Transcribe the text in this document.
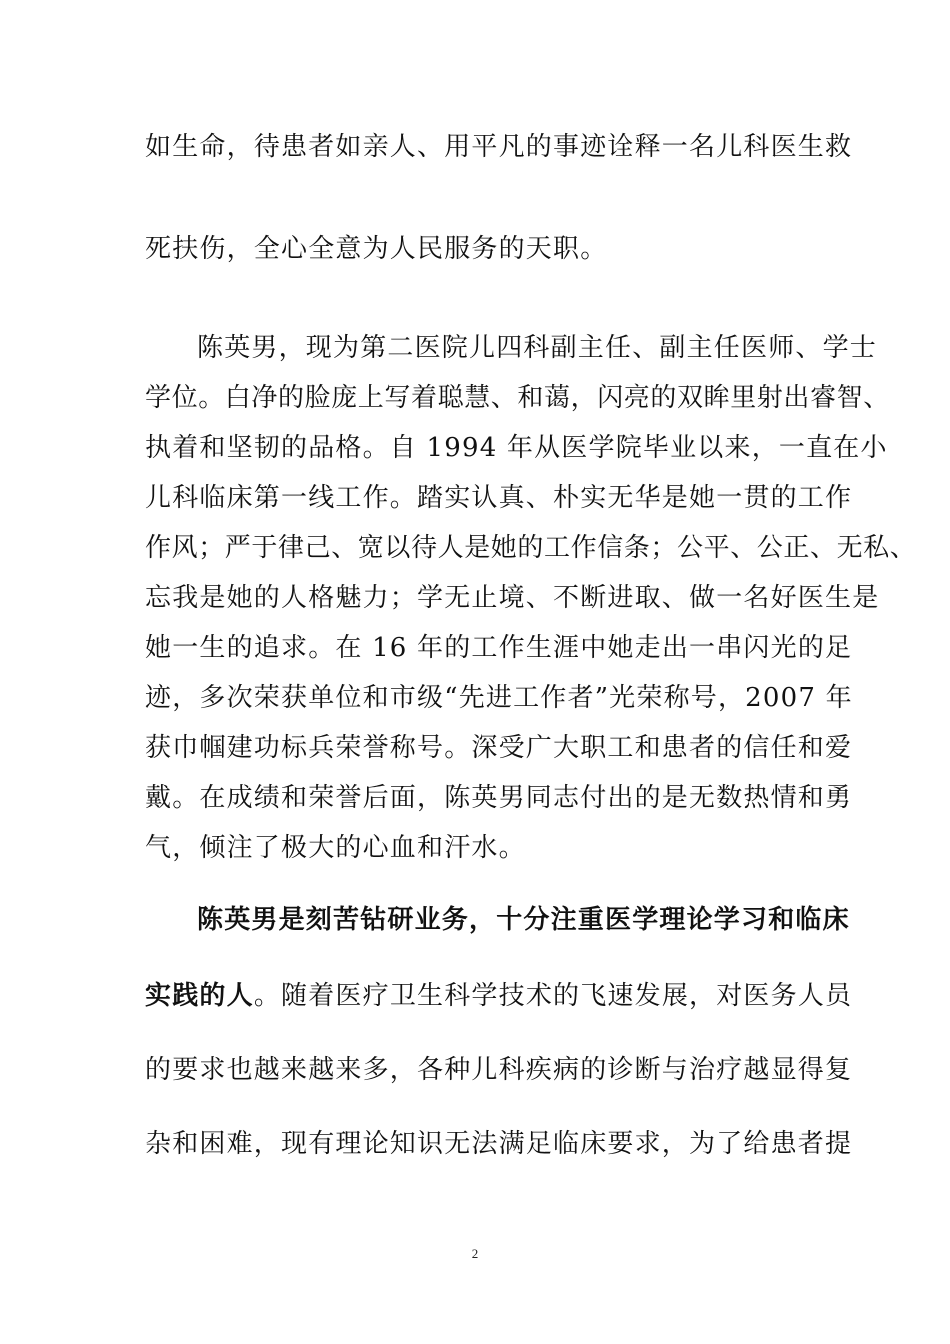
如生命，待患者如亲人、用平凡的事迹诠释一名儿科医生救
死扶伤，全心全意为人民服务的天职。
陈英男，现为第二医院儿四科副主任、副主任医师、学士
学位。白净的脸庞上写着聪慧、和蔼，闪亮的双眸里射出睿智、
执着和坚韧的品格。自 1994 年从医学院毕业以来，一直在小
儿科临床第一线工作。踏实认真、朴实无华是她一贯的工作
作风；严于律己、宽以待人是她的工作信条；公平、公正、无私、
忘我是她的人格魅力；学无止境、不断进取、做一名好医生是
她一生的追求。在 16 年的工作生涯中她走出一串闪光的足
迹，多次荣获单位和市级“先进工作者”光荣称号，2007 年
获巾帼建功标兵荣誉称号。深受广大职工和患者的信任和爱
戴。在成绩和荣誉后面，陈英男同志付出的是无数热情和勇
气，倾注了极大的心血和汗水。
陈英男是刻苦钻研业务，十分注重医学理论学习和临床
实践的人。随着医疗卫生科学技术的飞速发展，对医务人员
的要求也越来越来多，各种儿科疾病的诊断与治疗越显得复
杂和困难，现有理论知识无法满足临床要求，为了给患者提
2
